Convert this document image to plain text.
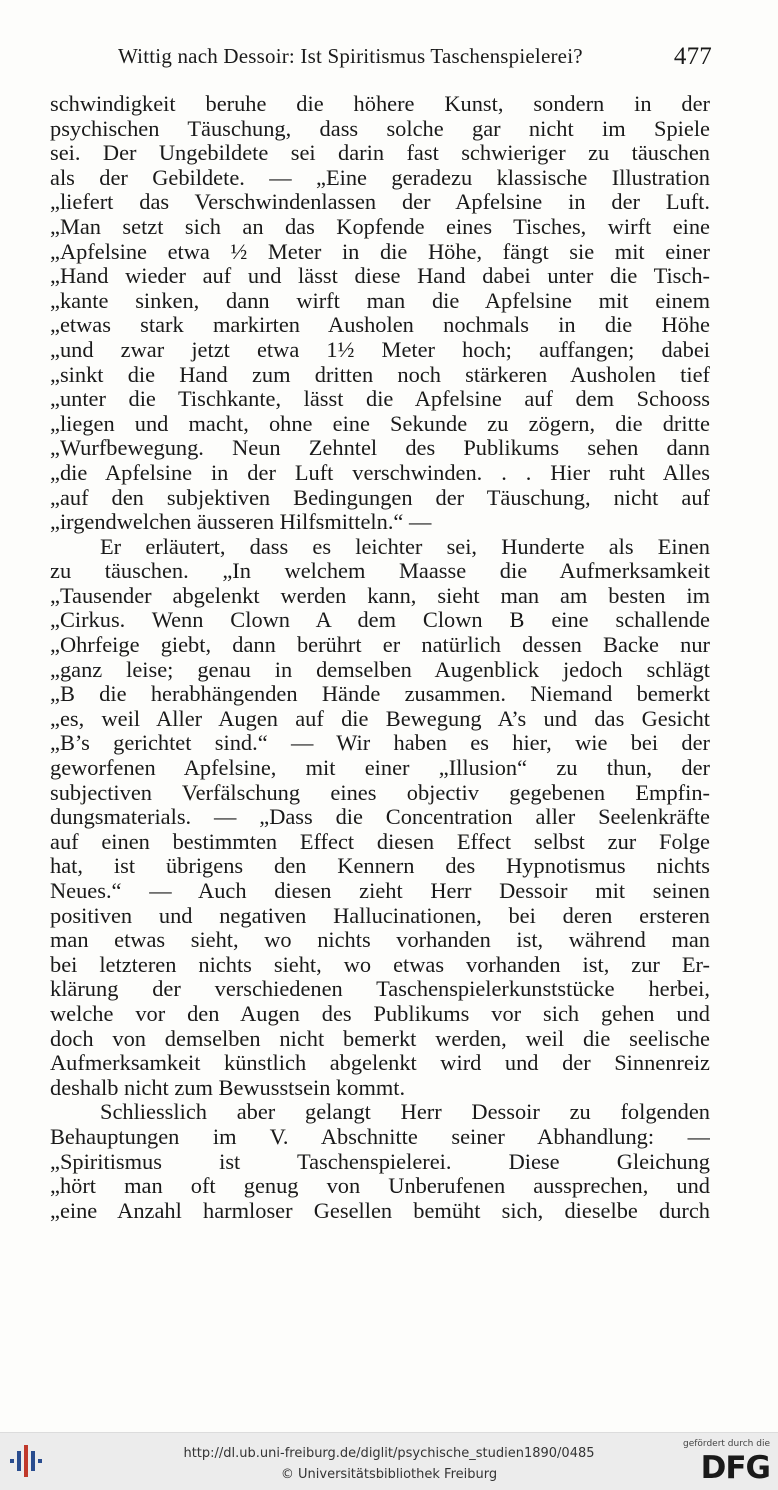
Wittig nach Dessoir: Ist Spiritismus Taschenspielerei?	477
schwindigkeit beruhe die höhere Kunst, sondern in der
psychischen Täuschung, dass solche gar nicht im Spiele
sei. Der Ungebildete sei darin fast schwieriger zu täuschen
als der Gebildete. — „Eine geradezu klassische Illustration
„liefert das Verschwindenlassen der Apfelsine in der Luft.
„Man setzt sich an das Kopfende eines Tisches, wirft eine
„Apfelsine etwa ½ Meter in die Höhe, fängt sie mit einer
„Hand wieder auf und lässt diese Hand dabei unter die Tisch-
„kante sinken, dann wirft man die Apfelsine mit einem
„etwas stark markirten Ausholen nochmals in die Höhe
„und zwar jetzt etwa 1½ Meter hoch; auffangen; dabei
„sinkt die Hand zum dritten noch stärkeren Ausholen tief
„unter die Tischkante, lässt die Apfelsine auf dem Schooss
„liegen und macht, ohne eine Sekunde zu zögern, die dritte
„Wurfbewegung. Neun Zehntel des Publikums sehen dann
„die Apfelsine in der Luft verschwinden. . . Hier ruht Alles
„auf den subjektiven Bedingungen der Täuschung, nicht auf
„irgendwelchen äusseren Hilfsmitteln.“ —
Er erläutert, dass es leichter sei, Hunderte als Einen
zu täuschen. „In welchem Maasse die Aufmerksamkeit
„Tausender abgelenkt werden kann, sieht man am besten im
„Cirkus. Wenn Clown A dem Clown B eine schallende
„Ohrfeige giebt, dann berührt er natürlich dessen Backe nur
„ganz leise; genau in demselben Augenblick jedoch schlägt
„B die herabhängenden Hände zusammen. Niemand bemerkt
„es, weil Aller Augen auf die Bewegung A’s und das Gesicht
„B’s gerichtet sind.“ — Wir haben es hier, wie bei der
geworfenen Apfelsine, mit einer „Illusion“ zu thun, der
subjectiven Verfälschung eines objectiv gegebenen Empfin-
dungsmaterials. — „Dass die Concentration aller Seelenkräfte
auf einen bestimmten Effect diesen Effect selbst zur Folge
hat, ist übrigens den Kennern des Hypnotismus nichts
Neues.“ — Auch diesen zieht Herr Dessoir mit seinen
positiven und negativen Hallucinationen, bei deren ersteren
man etwas sieht, wo nichts vorhanden ist, während man
bei letzteren nichts sieht, wo etwas vorhanden ist, zur Er-
klärung der verschiedenen Taschenspielerkunststücke herbei,
welche vor den Augen des Publikums vor sich gehen und
doch von demselben nicht bemerkt werden, weil die seelische
Aufmerksamkeit künstlich abgelenkt wird und der Sinnenreiz
deshalb nicht zum Bewusstsein kommt.
Schliesslich aber gelangt Herr Dessoir zu folgenden
Behauptungen im V. Abschnitte seiner Abhandlung: —
„Spiritismus ist Taschenspielerei. Diese Gleichung
„hört man oft genug von Unberufenen aussprechen, und
„eine Anzahl harmloser Gesellen bemüht sich, dieselbe durch
http://dl.ub.uni-freiburg.de/diglit/psychische_studien1890/0485
© Universitätsbibliothek Freiburg
gefördert durch die
DFG
